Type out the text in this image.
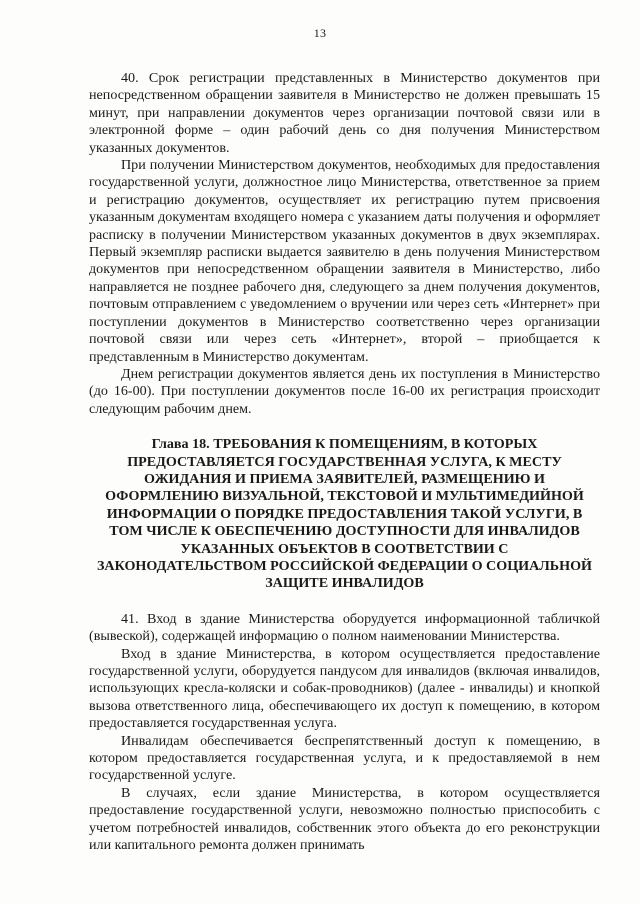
13

40. Срок регистрации представленных в Министерство документов при непосредственном обращении заявителя в Министерство не должен превышать 15 минут, при направлении документов через организации почтовой связи или в электронной форме – один рабочий день со дня получения Министерством указанных документов.

При получении Министерством документов, необходимых для предоставления государственной услуги, должностное лицо Министерства, ответственное за прием и регистрацию документов, осуществляет их регистрацию путем присвоения указанным документам входящего номера с указанием даты получения и оформляет расписку в получении Министерством указанных документов в двух экземплярах. Первый экземпляр расписки выдается заявителю в день получения Министерством документов при непосредственном обращении заявителя в Министерство, либо направляется не позднее рабочего дня, следующего за днем получения документов, почтовым отправлением с уведомлением о вручении или через сеть «Интернет» при поступлении документов в Министерство соответственно через организации почтовой связи или через сеть «Интернет», второй – приобщается к представленным в Министерство документам.

Днем регистрации документов является день их поступления в Министерство (до 16-00). При поступлении документов после 16-00 их регистрация происходит следующим рабочим днем.

Глава 18. ТРЕБОВАНИЯ К ПОМЕЩЕНИЯМ, В КОТОРЫХ ПРЕДОСТАВЛЯЕТСЯ ГОСУДАРСТВЕННАЯ УСЛУГА, К МЕСТУ ОЖИДАНИЯ И ПРИЕМА ЗАЯВИТЕЛЕЙ, РАЗМЕЩЕНИЮ И ОФОРМЛЕНИЮ ВИЗУАЛЬНОЙ, ТЕКСТОВОЙ И МУЛЬТИМЕДИЙНОЙ ИНФОРМАЦИИ О ПОРЯДКЕ ПРЕДОСТАВЛЕНИЯ ТАКОЙ УСЛУГИ, В ТОМ ЧИСЛЕ К ОБЕСПЕЧЕНИЮ ДОСТУПНОСТИ ДЛЯ ИНВАЛИДОВ УКАЗАННЫХ ОБЪЕКТОВ В СООТВЕТСТВИИ С ЗАКОНОДАТЕЛЬСТВОМ РОССИЙСКОЙ ФЕДЕРАЦИИ О СОЦИАЛЬНОЙ ЗАЩИТЕ ИНВАЛИДОВ

41. Вход в здание Министерства оборудуется информационной табличкой (вывеской), содержащей информацию о полном наименовании Министерства.

Вход в здание Министерства, в котором осуществляется предоставление государственной услуги, оборудуется пандусом для инвалидов (включая инвалидов, использующих кресла-коляски и собак-проводников) (далее - инвалиды) и кнопкой вызова ответственного лица, обеспечивающего их доступ к помещению, в котором предоставляется государственная услуга.

Инвалидам обеспечивается беспрепятственный доступ к помещению, в котором предоставляется государственная услуга, и к предоставляемой в нем государственной услуге.

В случаях, если здание Министерства, в котором осуществляется предоставление государственной услуги, невозможно полностью приспособить с учетом потребностей инвалидов, собственник этого объекта до его реконструкции или капитального ремонта должен принимать
